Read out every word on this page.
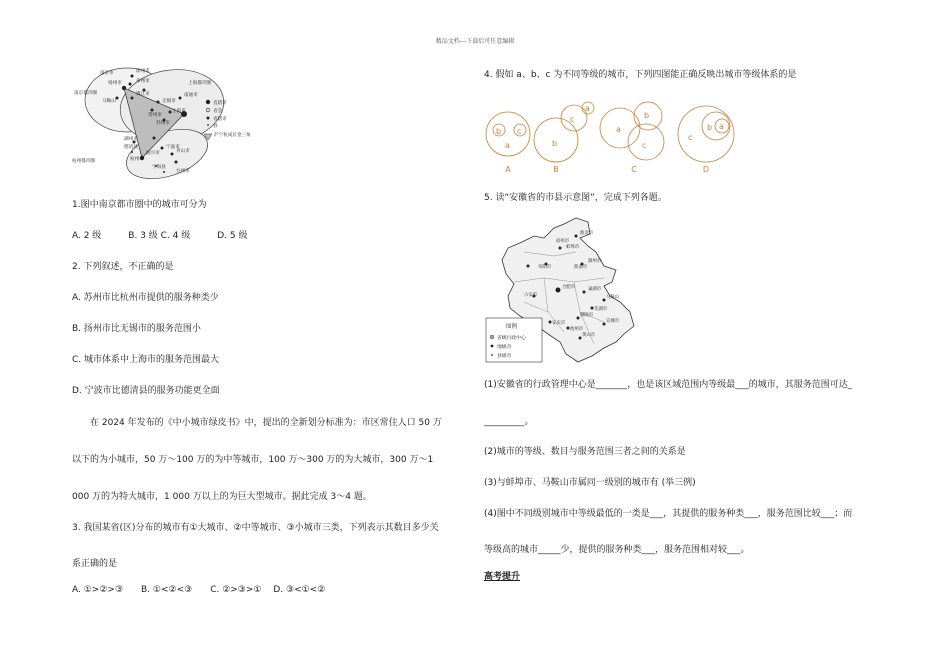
精品文档---下载后可任意编辑
南京市	徐州市
扬州市	泰州市
南京都市圈	镇江市
上海都市圈
马鞍山	无锡市
南通市
常州市
上海市
苏州市
湖州市
德清县	宁波市
绍兴市	舟山市
杭州市
杭州都市圈
宁海县
台州市
直辖市
省会
省辖市
县
沪宁杭成长金三角
1.图中南京都市圈中的城市可分为
A. 2 级　　　B. 3 级 C. 4 级　　　D. 5 级
2. 下列叙述，不正确的是
A. 苏州市比杭州市提供的服务种类少
B. 扬州市比无锡市的服务范围小
C. 城市体系中上海市的服务范围最大
D. 宁波市比德清县的服务功能更全面
在 2024 年发布的《中小城市绿皮书》中，提出的全新划分标准为：市区常住人口 50 万
以下的为小城市，50 万～100 万的为中等城市，100 万～300 万的为大城市，300 万～1
000 万的为特大城市，1 000 万以上的为巨大型城市。据此完成 3～4 题。
3. 我国某省(区)分布的城市有①大城市、②中等城市、③小城市三类，下列表示其数目多少关
系正确的是
A. ①>②>③　　B. ①<②<③　　C. ②>③>①　 D. ③<①<②
4. 假如 a、b、c 为不同等级的城市，下列四图能正确反映出城市等级体系的是
b c
a	b
c
a
a
b
c
c
b a
A	B	C	D
5. 读“安徽省的市县示意图”，完成下列各题。
淮北市
阜阳市
蚌埠市
宿州市
淮南市
滁州市
合肥市
六安市
巢湖市
马鞍山
芜湖市
铜陵市
安庆市	宣城市
池州市
黄山市
图例
省级行政中心
地级市
县级市
(1)安徽省的行政管理中心是_______，也是该区域范围内等级最___的城市，其服务范围可达_
_________。
(2)城市的等级、数目与服务范围三者之间的关系是
(3)与蚌埠市、马鞍山市属同一级别的城市有 (举三例)
(4)图中不同级别城市中等级最低的一类是___，其提供的服务种类___，服务范围比较___；而
等级高的城市_____少，提供的服务种类___，服务范围相对较___。
高考提升
